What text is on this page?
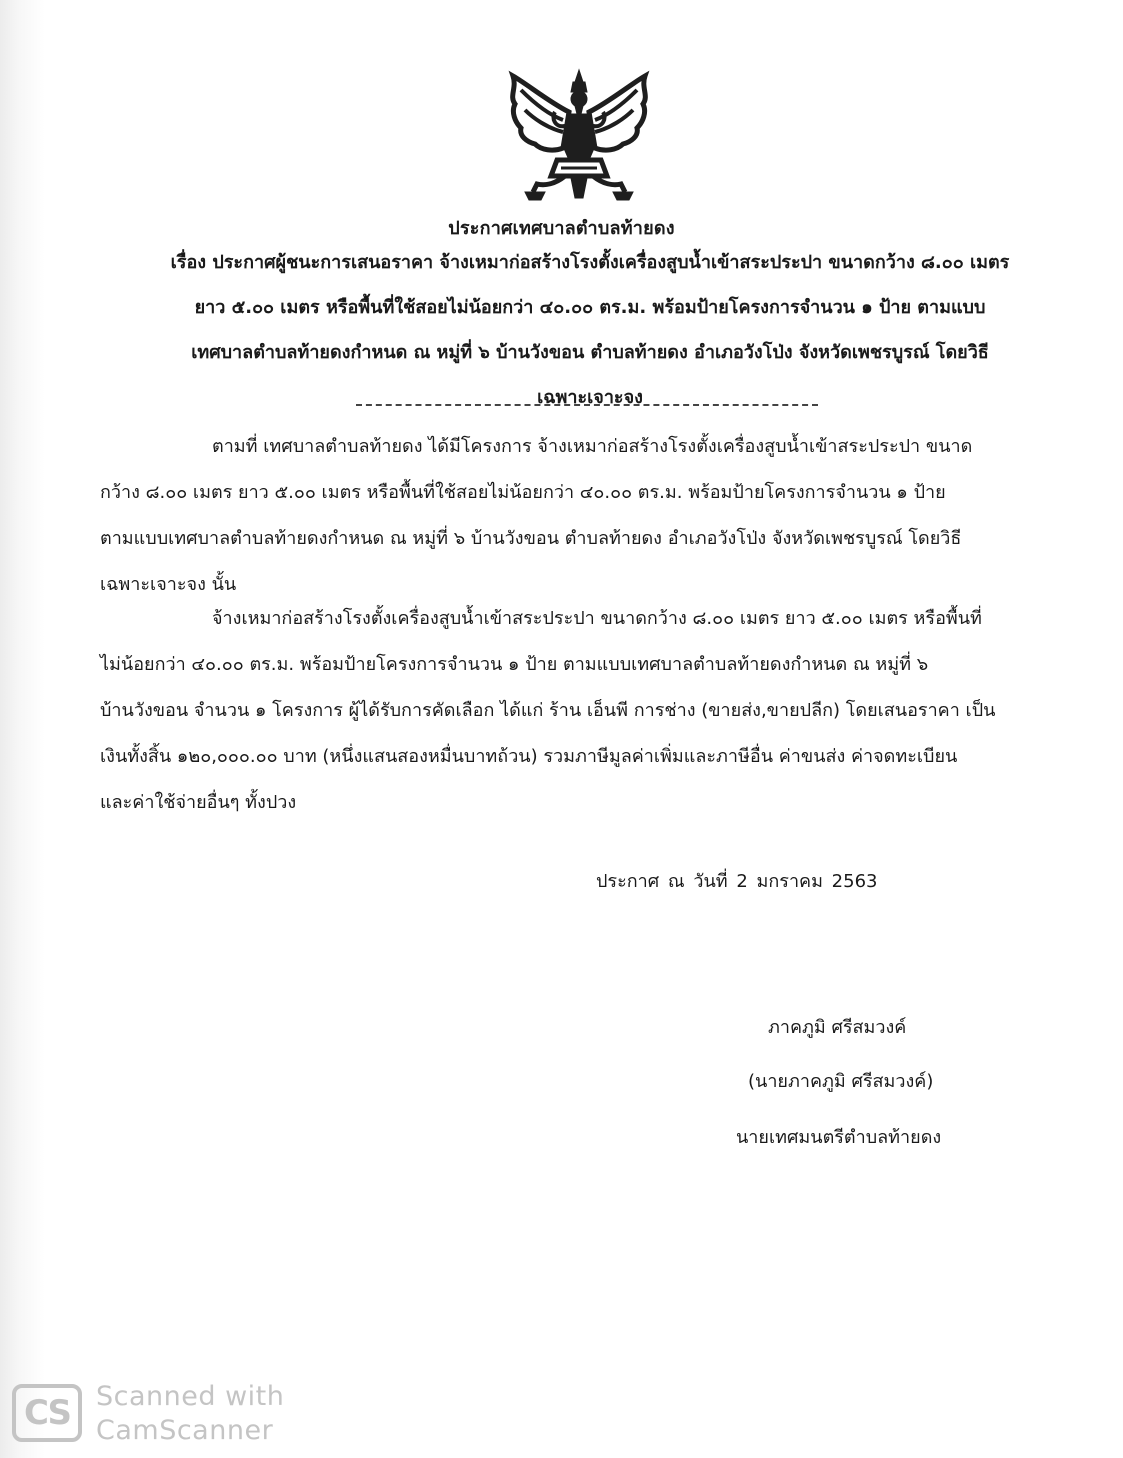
ประกาศเทศบาลตำบลท้ายดง
เรื่อง ประกาศผู้ชนะการเสนอราคา จ้างเหมาก่อสร้างโรงตั้งเครื่องสูบน้ำเข้าสระประปา ขนาดกว้าง ๘.๐๐ เมตร
ยาว ๕.๐๐ เมตร หรือพื้นที่ใช้สอยไม่น้อยกว่า ๔๐.๐๐ ตร.ม. พร้อมป้ายโครงการจำนวน ๑ ป้าย ตามแบบ
เทศบาลตำบลท้ายดงกำหนด ณ หมู่ที่ ๖ บ้านวังขอน ตำบลท้ายดง อำเภอวังโป่ง จังหวัดเพชรบูรณ์ โดยวิธี
เฉพาะเจาะจง
ตามที่ เทศบาลตำบลท้ายดง ได้มีโครงการ จ้างเหมาก่อสร้างโรงตั้งเครื่องสูบน้ำเข้าสระประปา ขนาด
กว้าง ๘.๐๐ เมตร ยาว ๕.๐๐ เมตร หรือพื้นที่ใช้สอยไม่น้อยกว่า ๔๐.๐๐ ตร.ม. พร้อมป้ายโครงการจำนวน ๑ ป้าย
ตามแบบเทศบาลตำบลท้ายดงกำหนด ณ หมู่ที่ ๖ บ้านวังขอน ตำบลท้ายดง อำเภอวังโป่ง จังหวัดเพชรบูรณ์ โดยวิธี
เฉพาะเจาะจง นั้น
จ้างเหมาก่อสร้างโรงตั้งเครื่องสูบน้ำเข้าสระประปา ขนาดกว้าง ๘.๐๐ เมตร ยาว ๕.๐๐ เมตร หรือพื้นที่
ไม่น้อยกว่า ๔๐.๐๐ ตร.ม. พร้อมป้ายโครงการจำนวน ๑ ป้าย ตามแบบเทศบาลตำบลท้ายดงกำหนด ณ หมู่ที่ ๖
บ้านวังขอน จำนวน ๑ โครงการ ผู้ได้รับการคัดเลือก ได้แก่ ร้าน เอ็นพี การช่าง (ขายส่ง,ขายปลีก) โดยเสนอราคา เป็น
เงินทั้งสิ้น ๑๒๐,๐๐๐.๐๐ บาท (หนึ่งแสนสองหมื่นบาทถ้วน) รวมภาษีมูลค่าเพิ่มและภาษีอื่น ค่าขนส่ง ค่าจดทะเบียน
และค่าใช้จ่ายอื่นๆ ทั้งปวง
ประกาศ ณ วันที่ 2 มกราคม 2563
ภาคภูมิ ศรีสมวงค์
(นายภาคภูมิ ศรีสมวงค์)
นายเทศมนตรีตำบลท้ายดง
CS Scanned with
CamScanner
